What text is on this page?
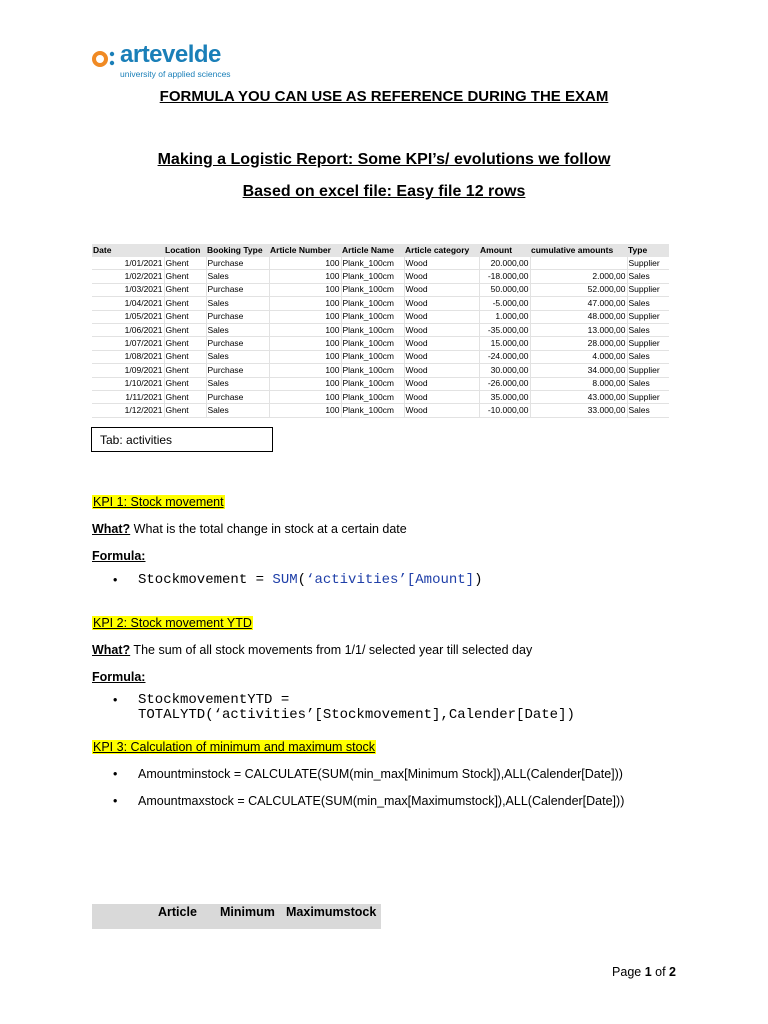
artevelde
university of applied sciences
FORMULA YOU CAN USE AS REFERENCE DURING THE EXAM
Making a Logistic Report: Some KPI’s/ evolutions we follow
Based on excel file: Easy file 12 rows
Date	Location	Booking Type	Article Number	Article Name	Article category	Amount	cumulative amounts	Type
1/01/2021	Ghent	Purchase	100	Plank_100cm	Wood	20.000,00		Supplier
1/02/2021	Ghent	Sales	100	Plank_100cm	Wood	-18.000,00	2.000,00	Sales
1/03/2021	Ghent	Purchase	100	Plank_100cm	Wood	50.000,00	52.000,00	Supplier
1/04/2021	Ghent	Sales	100	Plank_100cm	Wood	-5.000,00	47.000,00	Sales
1/05/2021	Ghent	Purchase	100	Plank_100cm	Wood	1.000,00	48.000,00	Supplier
1/06/2021	Ghent	Sales	100	Plank_100cm	Wood	-35.000,00	13.000,00	Sales
1/07/2021	Ghent	Purchase	100	Plank_100cm	Wood	15.000,00	28.000,00	Supplier
1/08/2021	Ghent	Sales	100	Plank_100cm	Wood	-24.000,00	4.000,00	Sales
1/09/2021	Ghent	Purchase	100	Plank_100cm	Wood	30.000,00	34.000,00	Supplier
1/10/2021	Ghent	Sales	100	Plank_100cm	Wood	-26.000,00	8.000,00	Sales
1/11/2021	Ghent	Purchase	100	Plank_100cm	Wood	35.000,00	43.000,00	Supplier
1/12/2021	Ghent	Sales	100	Plank_100cm	Wood	-10.000,00	33.000,00	Sales
Tab: activities
KPI 1: Stock movement
What? What is the total change in stock at a certain date
Formula:
• Stockmovement = SUM(‘activities’[Amount])
KPI 2: Stock movement YTD
What? The sum of all stock movements from 1/1/ selected year till selected day
Formula:
• StockmovementYTD =
TOTALYTD(‘activities’[Stockmovement],Calender[Date])
KPI 3: Calculation of minimum and maximum stock
• Amountminstock = CALCULATE(SUM(min_max[Minimum Stock]),ALL(Calender[Date]))
• Amountmaxstock = CALCULATE(SUM(min_max[Maximumstock]),ALL(Calender[Date]))
Article Minimum Maximumstock
Page 1 of 2
